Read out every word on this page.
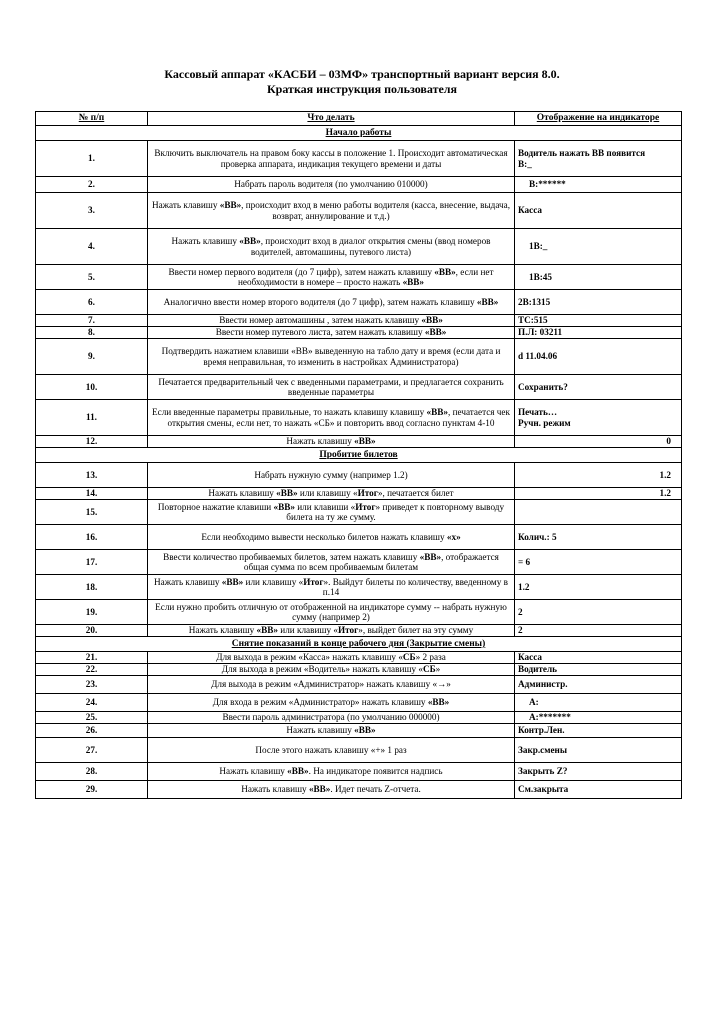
Кассовый аппарат «КАСБИ – 03МФ» транспортный вариант версия 8.0.
Краткая инструкция пользователя
№ п/п	Что делать	Отображение на индикаторе
Начало работы		
1.	Включить выключатель на правом боку кассы в положение 1. Происходит автоматическая проверка аппарата, индикация текущего времени и даты	Водитель нажать ВВ появится
В:_

2.	Набрать пароль водителя (по умолчанию 010000)	В:******

3.	Нажать клавишу «ВВ», происходит вход в меню работы водителя (касса, внесение, выдача, возврат, аннулирование и т.д.)	Касса

4.	Нажать клавишу «ВВ», происходит вход в диалог открытия смены (ввод номеров водителей, автомашины, путевого листа)	1В:_

5.	Ввести номер первого водителя (до 7 цифр), затем нажать клавишу «ВВ», если нет необходимости в номере – просто нажать «ВВ»	1В:45

6.	Аналогично ввести номер второго водителя (до 7 цифр), затем нажать клавишу «ВВ»	2В:1315

7.	Ввести номер автомашины , затем нажать клавишу «ВВ»	ТС:515

8.	Ввести номер путевого листа, затем нажать клавишу «ВВ»	П.Л: 03211

9.	Подтвердить нажатием клавиши «ВВ» выведенную на табло дату и время (если дата и время неправильная, то изменить в настройках Администратора)	d 11.04.06

10.	Печатается предварительный чек с введенными параметрами, и предлагается сохранить введенные параметры	Сохранить?

11.	Если введенные параметры правильные, то нажать клавишу клавишу «ВВ», печатается чек открытия смены, если нет, то нажать «СБ» и повторить ввод согласно пунктам 4-10	Печать…
Ручн. режим

12.	Нажать клавишу «ВВ»	0

Пробитие билетов		
13.	Набрать нужную сумму (например 1.2)	1.2

14.	Нажать клавишу «ВВ» или клавишу «Итог», печатается билет	1.2

15.	Повторное нажатие клавиши «ВВ» или клавиши «Итог» приведет к повторному выводу билета на ту же сумму.	

16.	Если необходимо вывести несколько билетов нажать клавишу «х»	Колич.: 5

17.	Ввести количество пробиваемых билетов, затем нажать клавишу «ВВ», отображается общая сумма по всем пробиваемым билетам	= 6

18.	Нажать клавишу «ВВ» или клавишу «Итог». Выйдут билеты по количеству, введенному в п.14	1.2

19.	Если нужно пробить отличную от отображенной на индикаторе сумму -- набрать нужную сумму (например 2)	2

20.	Нажать клавишу «ВВ» или клавишу «Итог», выйдет билет на эту сумму	2

Снятие показаний в конце рабочего дня (Закрытие смены)		
21.	Для выхода в режим «Касса» нажать клавишу «СБ» 2 раза	Касса

22.	Для выхода в режим «Водитель» нажать клавишу «СБ»	Водитель

23.	Для выхода в режим «Администратор» нажать клавишу «→»	Администр.

24.	Для входа в режим «Администратор» нажать клавишу «ВВ»	А:

25.	Ввести пароль администратора (по умолчанию 000000)	А:*******

26.	Нажать клавишу «ВВ»	Контр.Лен.

27.	После этого нажать клавишу «+» 1 раз	Закр.смены

28.	Нажать клавишу «ВВ». На индикаторе появится надпись	Закрыть Z?

29.	Нажать клавишу «ВВ». Идет печать Z-отчета.	См.закрыта
